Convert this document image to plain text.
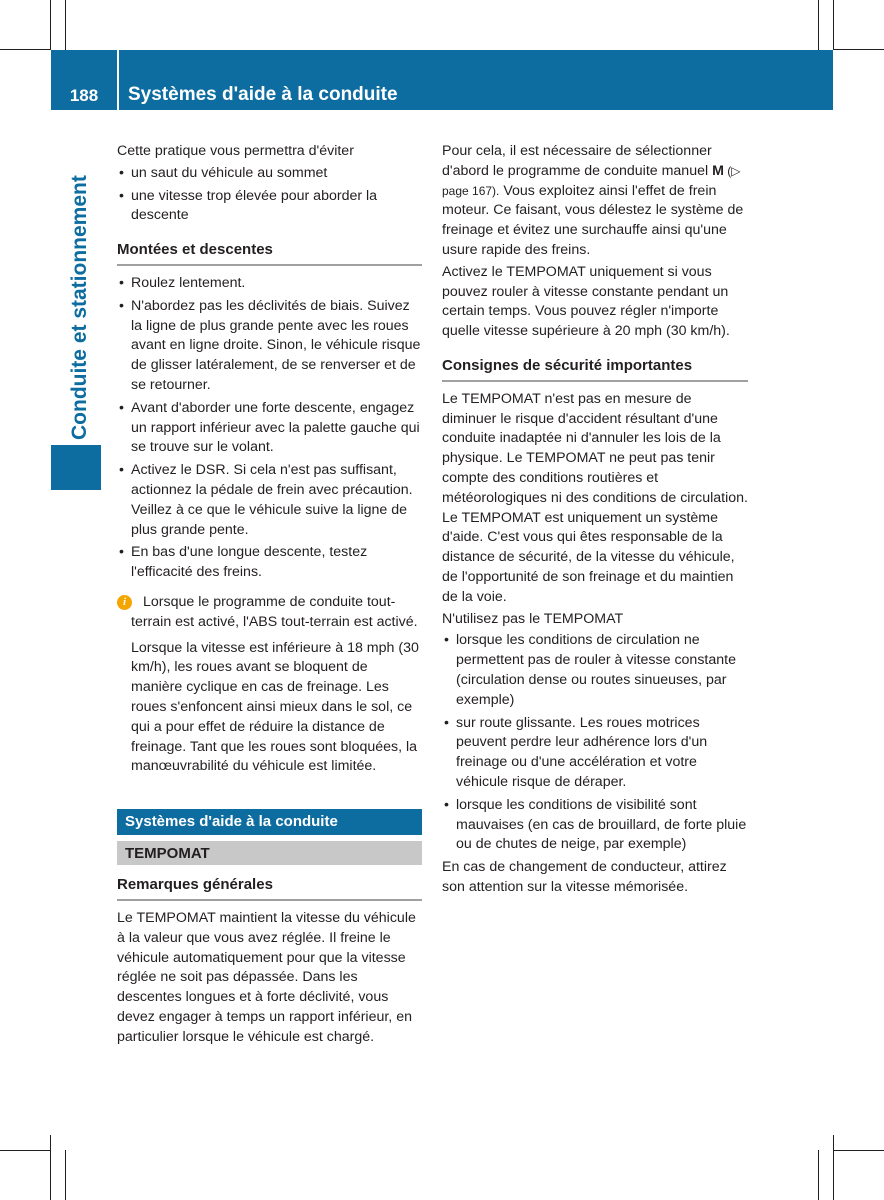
188	Systèmes d'aide à la conduite
Conduite et stationnement

Cette pratique vous permettra d'éviter

• un saut du véhicule au sommet
• une vitesse trop élevée pour aborder la descente
Montées et descentes
• Roulez lentement.
• N'abordez pas les déclivités de biais. Suivez la ligne de plus grande pente avec les roues avant en ligne droite. Sinon, le véhicule risque de glisser latéralement, de se renverser et de se retourner.
• Avant d'aborder une forte descente, engagez un rapport inférieur avec la palette gauche qui se trouve sur le volant.
• Activez le DSR. Si cela n'est pas suffisant, actionnez la pédale de frein avec précaution. Veillez à ce que le véhicule suive la ligne de plus grande pente.
• En bas d'une longue descente, testez l'efficacité des freins.
i	Lorsque le programme de conduite tout-terrain est activé, l'ABS tout-terrain est activé.

Lorsque la vitesse est inférieure à 18 mph (30 km/h), les roues avant se bloquent de manière cyclique en cas de freinage. Les roues s'enfoncent ainsi mieux dans le sol, ce qui a pour effet de réduire la distance de freinage. Tant que les roues sont bloquées, la manœuvrabilité du véhicule est limitée.

Systèmes d'aide à la conduite
TEMPOMAT
Remarques générales

Le TEMPOMAT maintient la vitesse du véhicule à la valeur que vous avez réglée. Il freine le véhicule automatiquement pour que la vitesse réglée ne soit pas dépassée. Dans les descentes longues et à forte déclivité, vous devez engager à temps un rapport inférieur, en particulier lorsque le véhicule est chargé.

Pour cela, il est nécessaire de sélectionner d'abord le programme de conduite manuel M (▷ page 167). Vous exploitez ainsi l'effet de frein moteur. Ce faisant, vous délestez le système de freinage et évitez une surchauffe ainsi qu'une usure rapide des freins.

Activez le TEMPOMAT uniquement si vous pouvez rouler à vitesse constante pendant un certain temps. Vous pouvez régler n'importe quelle vitesse supérieure à 20 mph (30 km/h).

Consignes de sécurité importantes

Le TEMPOMAT n'est pas en mesure de diminuer le risque d'accident résultant d'une conduite inadaptée ni d'annuler les lois de la physique. Le TEMPOMAT ne peut pas tenir compte des conditions routières et météorologiques ni des conditions de circulation. Le TEMPOMAT est uniquement un système d'aide. C'est vous qui êtes responsable de la distance de sécurité, de la vitesse du véhicule, de l'opportunité de son freinage et du maintien de la voie.

N'utilisez pas le TEMPOMAT

• lorsque les conditions de circulation ne permettent pas de rouler à vitesse constante (circulation dense ou routes sinueuses, par exemple)
• sur route glissante. Les roues motrices peuvent perdre leur adhérence lors d'un freinage ou d'une accélération et votre véhicule risque de déraper.
• lorsque les conditions de visibilité sont mauvaises (en cas de brouillard, de forte pluie ou de chutes de neige, par exemple)

En cas de changement de conducteur, attirez son attention sur la vitesse mémorisée.
